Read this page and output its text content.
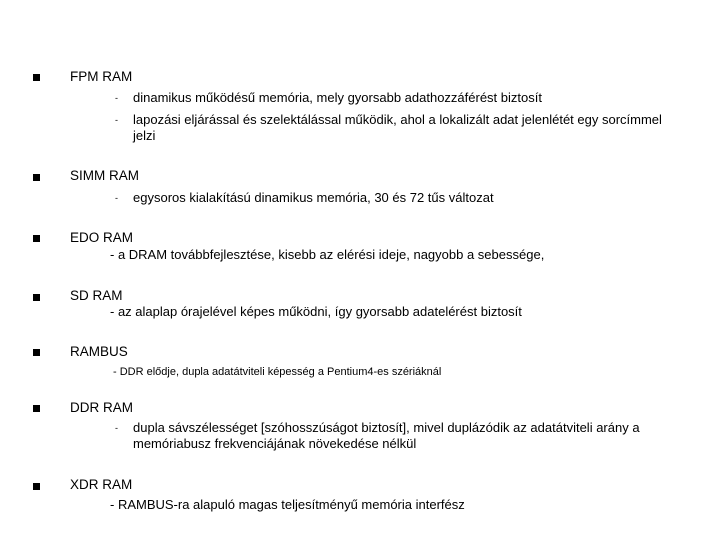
FPM RAM
- dinamikus működésű memória, mely gyorsabb adathozzáférést biztosít
- lapozási eljárással és szelektálással működik, ahol a lokalizált adat jelenlétét egy sorcímmel jelzi
SIMM RAM
- egysoros kialakítású dinamikus memória, 30 és 72 tűs változat
EDO RAM
- a DRAM továbbfejlesztése, kisebb az elérési ideje, nagyobb a sebessége,
SD RAM
- az alaplap órajelével képes működni, így gyorsabb adatelérést biztosít
RAMBUS
- DDR elődje, dupla adatátviteli képesség a Pentium4-es szériáknál
DDR RAM
- dupla sávszélességet [szóhosszúságot biztosít], mivel duplázódik az adatátviteli arány a memóriabusz frekvenciájának növekedése nélkül
XDR RAM
- RAMBUS-ra alapuló magas teljesítményű memória interfész
